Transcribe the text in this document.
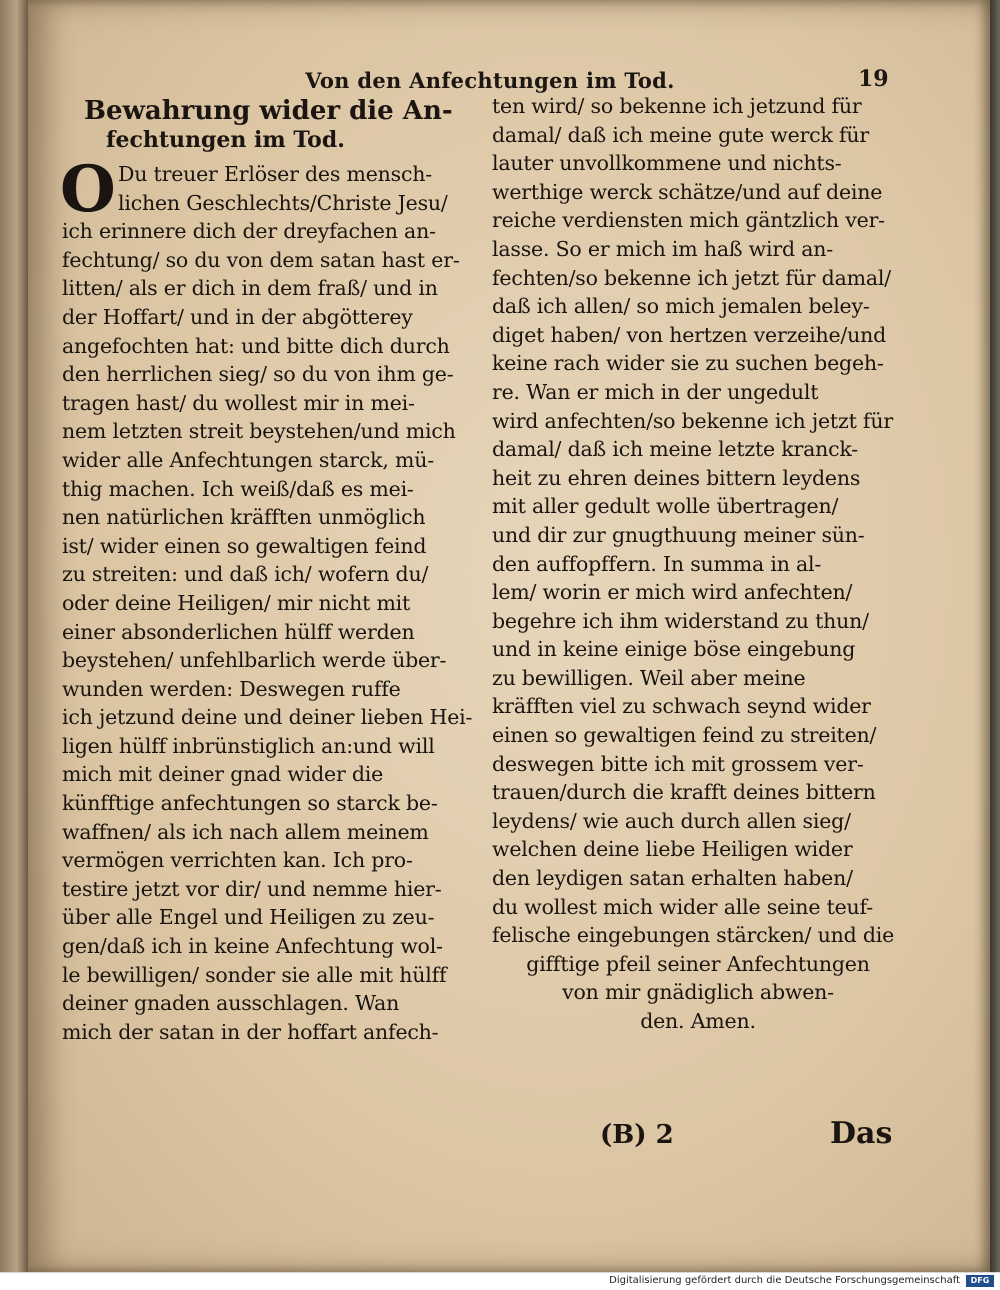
Von den Anfechtungen im Tod.	19
Bewahrung wider die An-
fechtungen im Tod.
O Du treuer Erlöser des mensch-
lichen Geschlechts/Christe Jesu/
ich erinnere dich der dreyfachen an-
fechtung/ so du von dem satan hast er-
litten/ als er dich in dem fraß/ und in
der Hoffart/ und in der abgötterey
angefochten hat: und bitte dich durch
den herrlichen sieg/ so du von ihm ge-
tragen hast/ du wollest mir in mei-
nem letzten streit beystehen/und mich
wider alle Anfechtungen starck, mü-
thig machen. Ich weiß/daß es mei-
nen natürlichen kräfften unmöglich
ist/ wider einen so gewaltigen feind
zu streiten: und daß ich/ wofern du/
oder deine Heiligen/ mir nicht mit
einer absonderlichen hülff werden
beystehen/ unfehlbarlich werde über-
wunden werden: Deswegen ruffe
ich jetzund deine und deiner lieben Hei-
ligen hülff inbrünstiglich an:und will
mich mit deiner gnad wider die
künfftige anfechtungen so starck be-
waffnen/ als ich nach allem meinem
vermögen verrichten kan. Ich pro-
testire jetzt vor dir/ und nemme hier-
über alle Engel und Heiligen zu zeu-
gen/daß ich in keine Anfechtung wol-
le bewilligen/ sonder sie alle mit hülff
deiner gnaden ausschlagen. Wan
mich der satan in der hoffart anfech-
ten wird/ so bekenne ich jetzund für
damal/ daß ich meine gute werck für
lauter unvollkommene und nichts-
werthige werck schätze/und auf deine
reiche verdiensten mich gäntzlich ver-
lasse. So er mich im haß wird an-
fechten/so bekenne ich jetzt für damal/
daß ich allen/ so mich jemalen beley-
diget haben/ von hertzen verzeihe/und
keine rach wider sie zu suchen begeh-
re. Wan er mich in der ungedult
wird anfechten/so bekenne ich jetzt für
damal/ daß ich meine letzte kranck-
heit zu ehren deines bittern leydens
mit aller gedult wolle übertragen/
und dir zur gnugthuung meiner sün-
den auffopffern. In summa in al-
lem/ worin er mich wird anfechten/
begehre ich ihm widerstand zu thun/
und in keine einige böse eingebung
zu bewilligen. Weil aber meine
kräfften viel zu schwach seynd wider
einen so gewaltigen feind zu streiten/
deswegen bitte ich mit grossem ver-
trauen/durch die krafft deines bittern
leydens/ wie auch durch allen sieg/
welchen deine liebe Heiligen wider
den leydigen satan erhalten haben/
du wollest mich wider alle seine teuf-
felische eingebungen stärcken/ und die
gifftige pfeil seiner Anfechtungen
von mir gnädiglich abwen-
den. Amen.
(B) 2	Das
Digitalisierung gefördert durch die Deutsche Forschungsgemeinschaft	DFG
